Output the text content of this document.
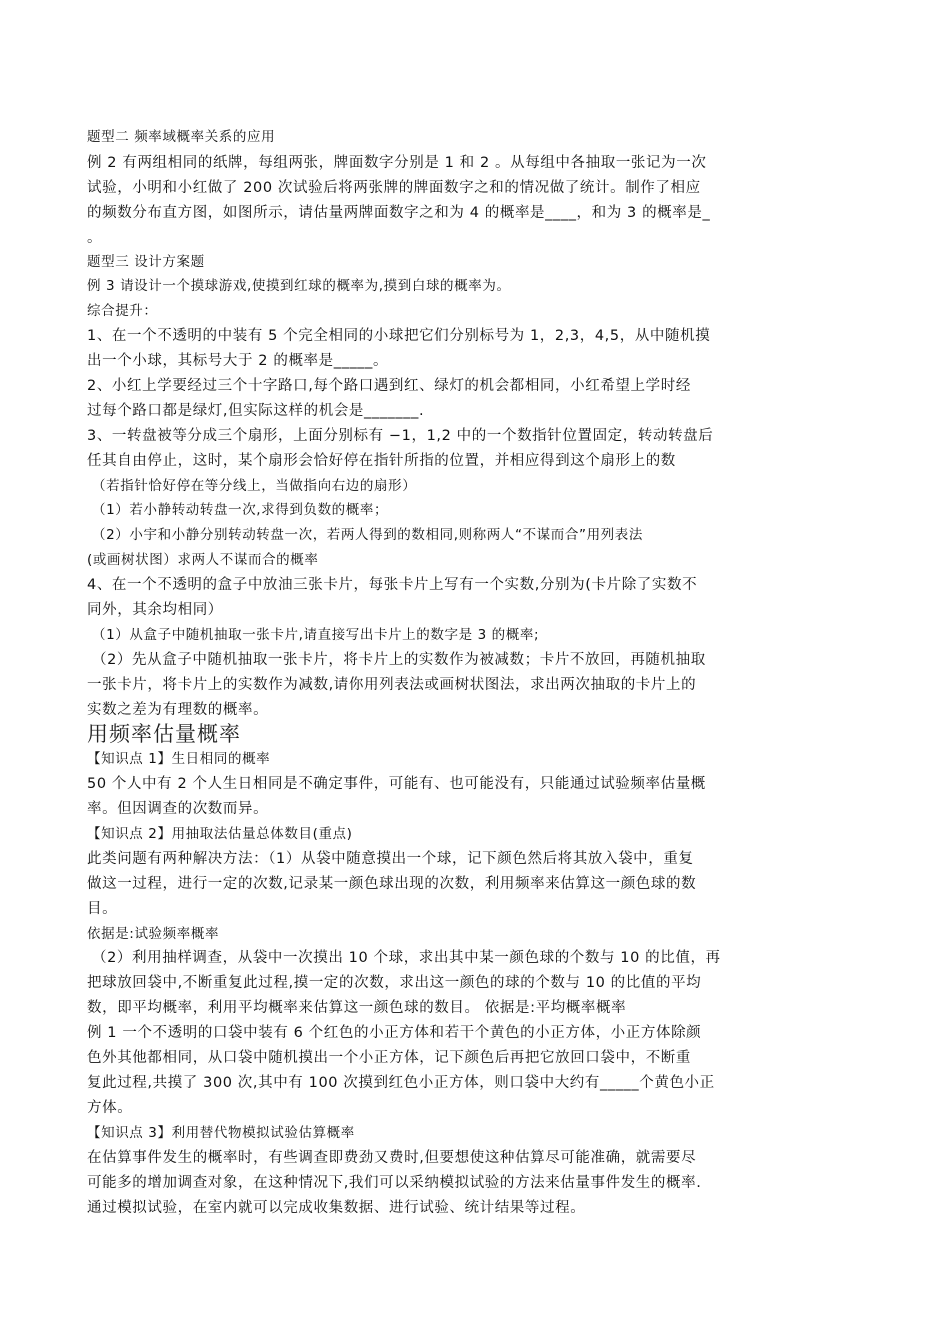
题型二 频率域概率关系的应用
例 2 有两组相同的纸牌，每组两张，牌面数字分别是 1 和 2 。从每组中各抽取一张记为一次
试验，小明和小红做了 200 次试验后将两张牌的牌面数字之和的情况做了统计。制作了相应
的频数分布直方图，如图所示，请估量两牌面数字之和为 4 的概率是____，和为 3 的概率是_
。
题型三 设计方案题
例 3 请设计一个摸球游戏,使摸到红球的概率为,摸到白球的概率为。
综合提升：
1、在一个不透明的中装有 5 个完全相同的小球把它们分别标号为 1，2,3，4,5，从中随机摸
出一个小球，其标号大于 2 的概率是_____。
2、小红上学要经过三个十字路口,每个路口遇到红、绿灯的机会都相同，小红希望上学时经
过每个路口都是绿灯,但实际这样的机会是_______.
3、一转盘被等分成三个扇形，上面分别标有 −1，1,2 中的一个数指针位置固定，转动转盘后
任其自由停止，这时，某个扇形会恰好停在指针所指的位置，并相应得到这个扇形上的数
（若指针恰好停在等分线上，当做指向右边的扇形）
（1）若小静转动转盘一次,求得到负数的概率；
（2）小宇和小静分别转动转盘一次，若两人得到的数相同,则称两人“不谋而合”用列表法
(或画树状图）求两人不谋而合的概率
4、在一个不透明的盒子中放油三张卡片，每张卡片上写有一个实数,分别为(卡片除了实数不
同外，其余均相同）
（1）从盒子中随机抽取一张卡片,请直接写出卡片上的数字是 3 的概率;
（2）先从盒子中随机抽取一张卡片，将卡片上的实数作为被减数；卡片不放回，再随机抽取
一张卡片，将卡片上的实数作为减数,请你用列表法或画树状图法，求出两次抽取的卡片上的
实数之差为有理数的概率。
用频率估量概率
【知识点 1】生日相同的概率
50 个人中有 2 个人生日相同是不确定事件，可能有、也可能没有，只能通过试验频率估量概
率。但因调查的次数而异。
【知识点 2】用抽取法估量总体数目(重点)
此类问题有两种解决方法：（1）从袋中随意摸出一个球，记下颜色然后将其放入袋中，重复
做这一过程，进行一定的次数,记录某一颜色球出现的次数，利用频率来估算这一颜色球的数
目。
依据是:试验频率概率
（2）利用抽样调查，从袋中一次摸出 10 个球，求出其中某一颜色球的个数与 10 的比值，再
把球放回袋中,不断重复此过程,摸一定的次数，求出这一颜色的球的个数与 10 的比值的平均
数，即平均概率，利用平均概率来估算这一颜色球的数目。 依据是:平均概率概率
例 1 一个不透明的口袋中装有 6 个红色的小正方体和若干个黄色的小正方体，小正方体除颜
色外其他都相同，从口袋中随机摸出一个小正方体，记下颜色后再把它放回口袋中，不断重
复此过程,共摸了 300 次,其中有 100 次摸到红色小正方体，则口袋中大约有_____个黄色小正
方体。
【知识点 3】利用替代物模拟试验估算概率
在估算事件发生的概率时，有些调查即费劲又费时,但要想使这种估算尽可能准确，就需要尽
可能多的增加调查对象，在这种情况下,我们可以采纳模拟试验的方法来估量事件发生的概率.
通过模拟试验，在室内就可以完成收集数据、进行试验、统计结果等过程。
